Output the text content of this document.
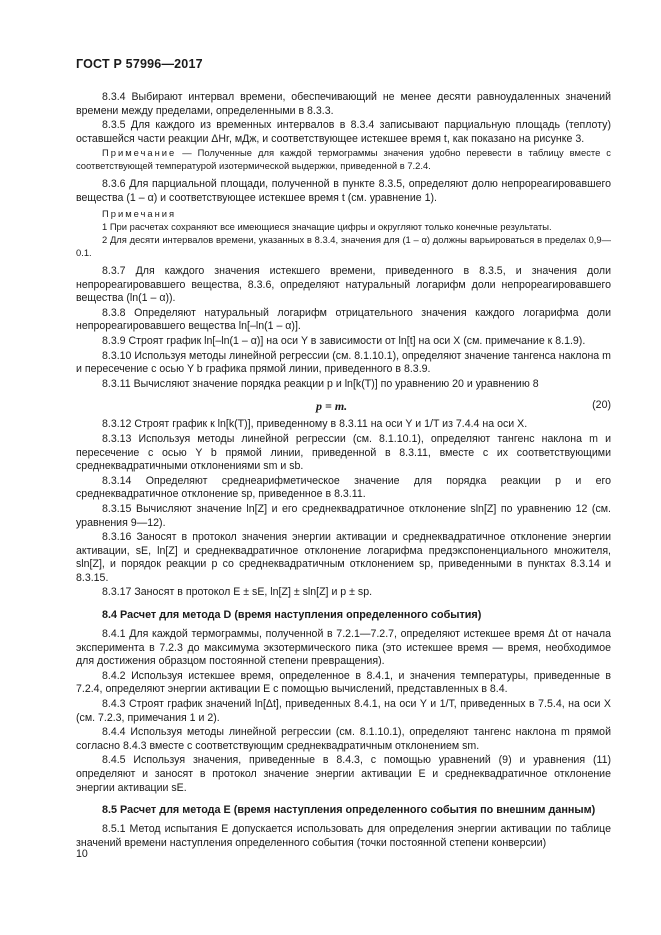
ГОСТ Р 57996—2017

8.3.4 Выбирают интервал времени, обеспечивающий не менее десяти равноудаленных значений времени между пределами, определенными в 8.3.3.

8.3.5 Для каждого из временных интервалов в 8.3.4 записывают парциальную площадь (теплоту) оставшейся части реакции ΔHr, мДж, и соответствующее истекшее время t, как показано на рисунке 3.

Примечание — Полученные для каждой термограммы значения удобно перевести в таблицу вместе с соответствующей температурой изотермической выдержки, приведенной в 7.2.4.

8.3.6 Для парциальной площади, полученной в пункте 8.3.5, определяют долю непрореагировавшего вещества (1 – α) и соответствующее истекшее время t (см. уравнение 1).

Примечания

1 При расчетах сохраняют все имеющиеся значащие цифры и округляют только конечные результаты.

2 Для десяти интервалов времени, указанных в 8.3.4, значения для (1 – α) должны варьироваться в пределах 0,9—0.1.

8.3.7 Для каждого значения истекшего времени, приведенного в 8.3.5, и значения доли непрореагировавшего вещества, 8.3.6, определяют натуральный логарифм доли непрореагировавшего вещества (ln(1 – α)).

8.3.8 Определяют натуральный логарифм отрицательного значения каждого логарифма доли непрореагировавшего вещества ln[–ln(1 – α)].

8.3.9 Строят график ln[–ln(1 – α)] на оси Y в зависимости от ln[t] на оси X (см. примечание к 8.1.9).

8.3.10 Используя методы линейной регрессии (см. 8.1.10.1), определяют значение тангенса наклона m и пересечение с осью Y b графика прямой линии, приведенного в 8.3.9.

8.3.11 Вычисляют значение порядка реакции p и ln[k(T)] по уравнению 20 и уравнению 8

p = m.	(20)

8.3.12 Строят график к ln[k(T)], приведенному в 8.3.11 на оси Y и 1/T из 7.4.4 на оси X.

8.3.13 Используя методы линейной регрессии (см. 8.1.10.1), определяют тангенс наклона m и пересечение с осью Y b прямой линии, приведенной в 8.3.11, вместе с их соответствующими среднеквадратичными отклонениями sm и sb.

8.3.14 Определяют среднеарифметическое значение для порядка реакции p и его среднеквадратичное отклонение sp, приведенное в 8.3.11.

8.3.15 Вычисляют значение ln[Z] и его среднеквадратичное отклонение sln[Z] по уравнению 12 (см. уравнения 9—12).

8.3.16 Заносят в протокол значения энергии активации и среднеквадратичное отклонение энергии активации, sE, ln[Z] и среднеквадратичное отклонение логарифма предэкспоненциального множителя, sln[Z], и порядок реакции p со среднеквадратичным отклонением sp, приведенными в пунктах 8.3.14 и 8.3.15.

8.3.17 Заносят в протокол E ± sE, ln[Z] ± sln[Z] и p ± sp.

8.4 Расчет для метода D (время наступления определенного события)

8.4.1 Для каждой термограммы, полученной в 7.2.1—7.2.7, определяют истекшее время Δt от начала эксперимента в 7.2.3 до максимума экзотермического пика (это истекшее время — время, необходимое для достижения образцом постоянной степени превращения).

8.4.2 Используя истекшее время, определенное в 8.4.1, и значения температуры, приведенные в 7.2.4, определяют энергии активации E с помощью вычислений, представленных в 8.4.

8.4.3 Строят график значений ln[Δt], приведенных 8.4.1, на оси Y и 1/T, приведенных в 7.5.4, на оси X (см. 7.2.3, примечания 1 и 2).

8.4.4 Используя методы линейной регрессии (см. 8.1.10.1), определяют тангенс наклона m прямой согласно 8.4.3 вместе с соответствующим среднеквадратичным отклонением sm.

8.4.5 Используя значения, приведенные в 8.4.3, с помощью уравнений (9) и уравнения (11) определяют и заносят в протокол значение энергии активации E и среднеквадратичное отклонение энергии активации sE.

8.5 Расчет для метода E (время наступления определенного события по внешним данным)

8.5.1 Метод испытания E допускается использовать для определения энергии активации по таблице значений времени наступления определенного события (точки постоянной степени конверсии)

10
